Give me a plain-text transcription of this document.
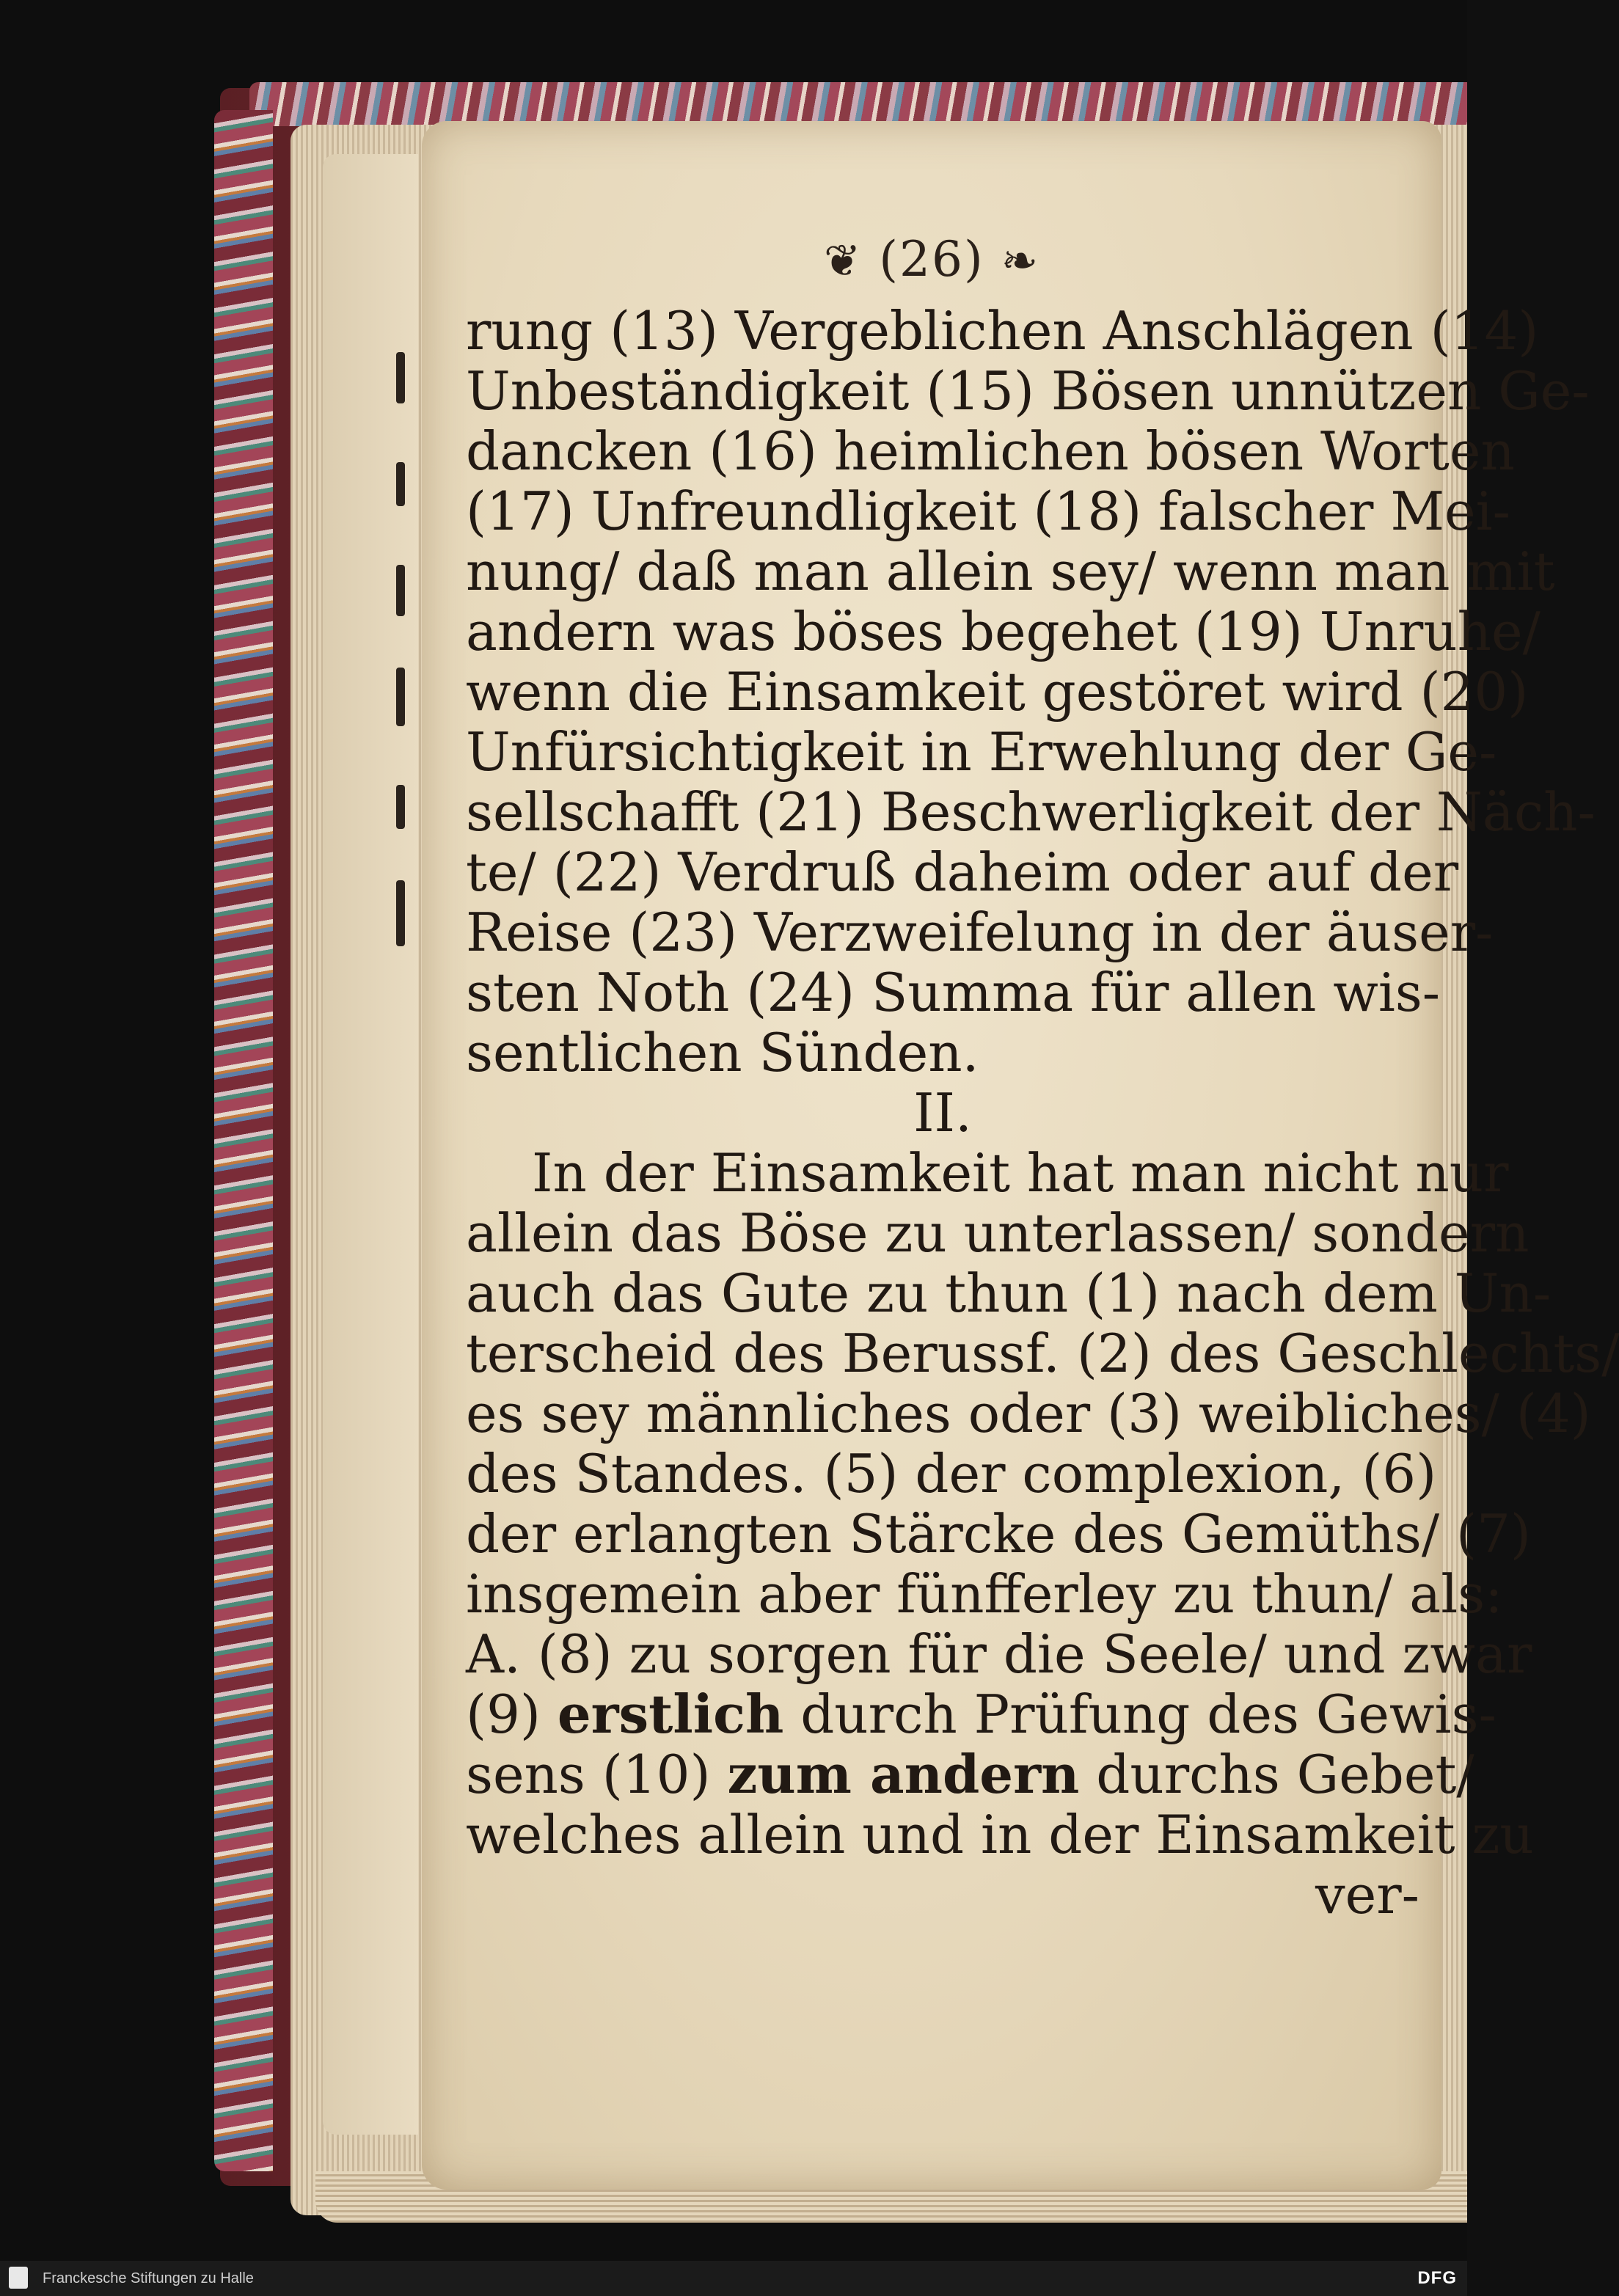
❦ (26) ❧
rung (13) Vergeblichen Anschlägen (14)
Unbeständigkeit (15) Bösen unnützen Ge-
dancken (16) heimlichen bösen Worten
(17) Unfreundligkeit (18) falscher Mei-
nung/ daß man allein sey/ wenn man mit
andern was böses begehet (19) Unruhe/
wenn die Einsamkeit gestöret wird (20)
Unfürsichtigkeit in Erwehlung der Ge-
sellschafft (21) Beschwerligkeit der Näch-
te/ (22) Verdruß daheim oder auf der
Reise (23) Verzweifelung in der äuser-
sten Noth (24) Summa für allen wis-
sentlichen Sünden.
II.
In der Einsamkeit hat man nicht nur
allein das Böse zu unterlassen/ sondern
auch das Gute zu thun (1) nach dem Un-
terscheid des Berussf. (2) des Geschlechts/
es sey männliches oder (3) weibliches/ (4)
des Standes. (5) der complexion, (6)
der erlangten Stärcke des Gemüths/ (7)
insgemein aber fünfferley zu thun/ als:
A. (8) zu sorgen für die Seele/ und zwar
(9) erstlich durch Prüfung des Gewis-
sens (10) zum andern durchs Gebet/
welches allein und in der Einsamkeit zu
ver-
Franckesche Stiftungen zu Halle	DFG
